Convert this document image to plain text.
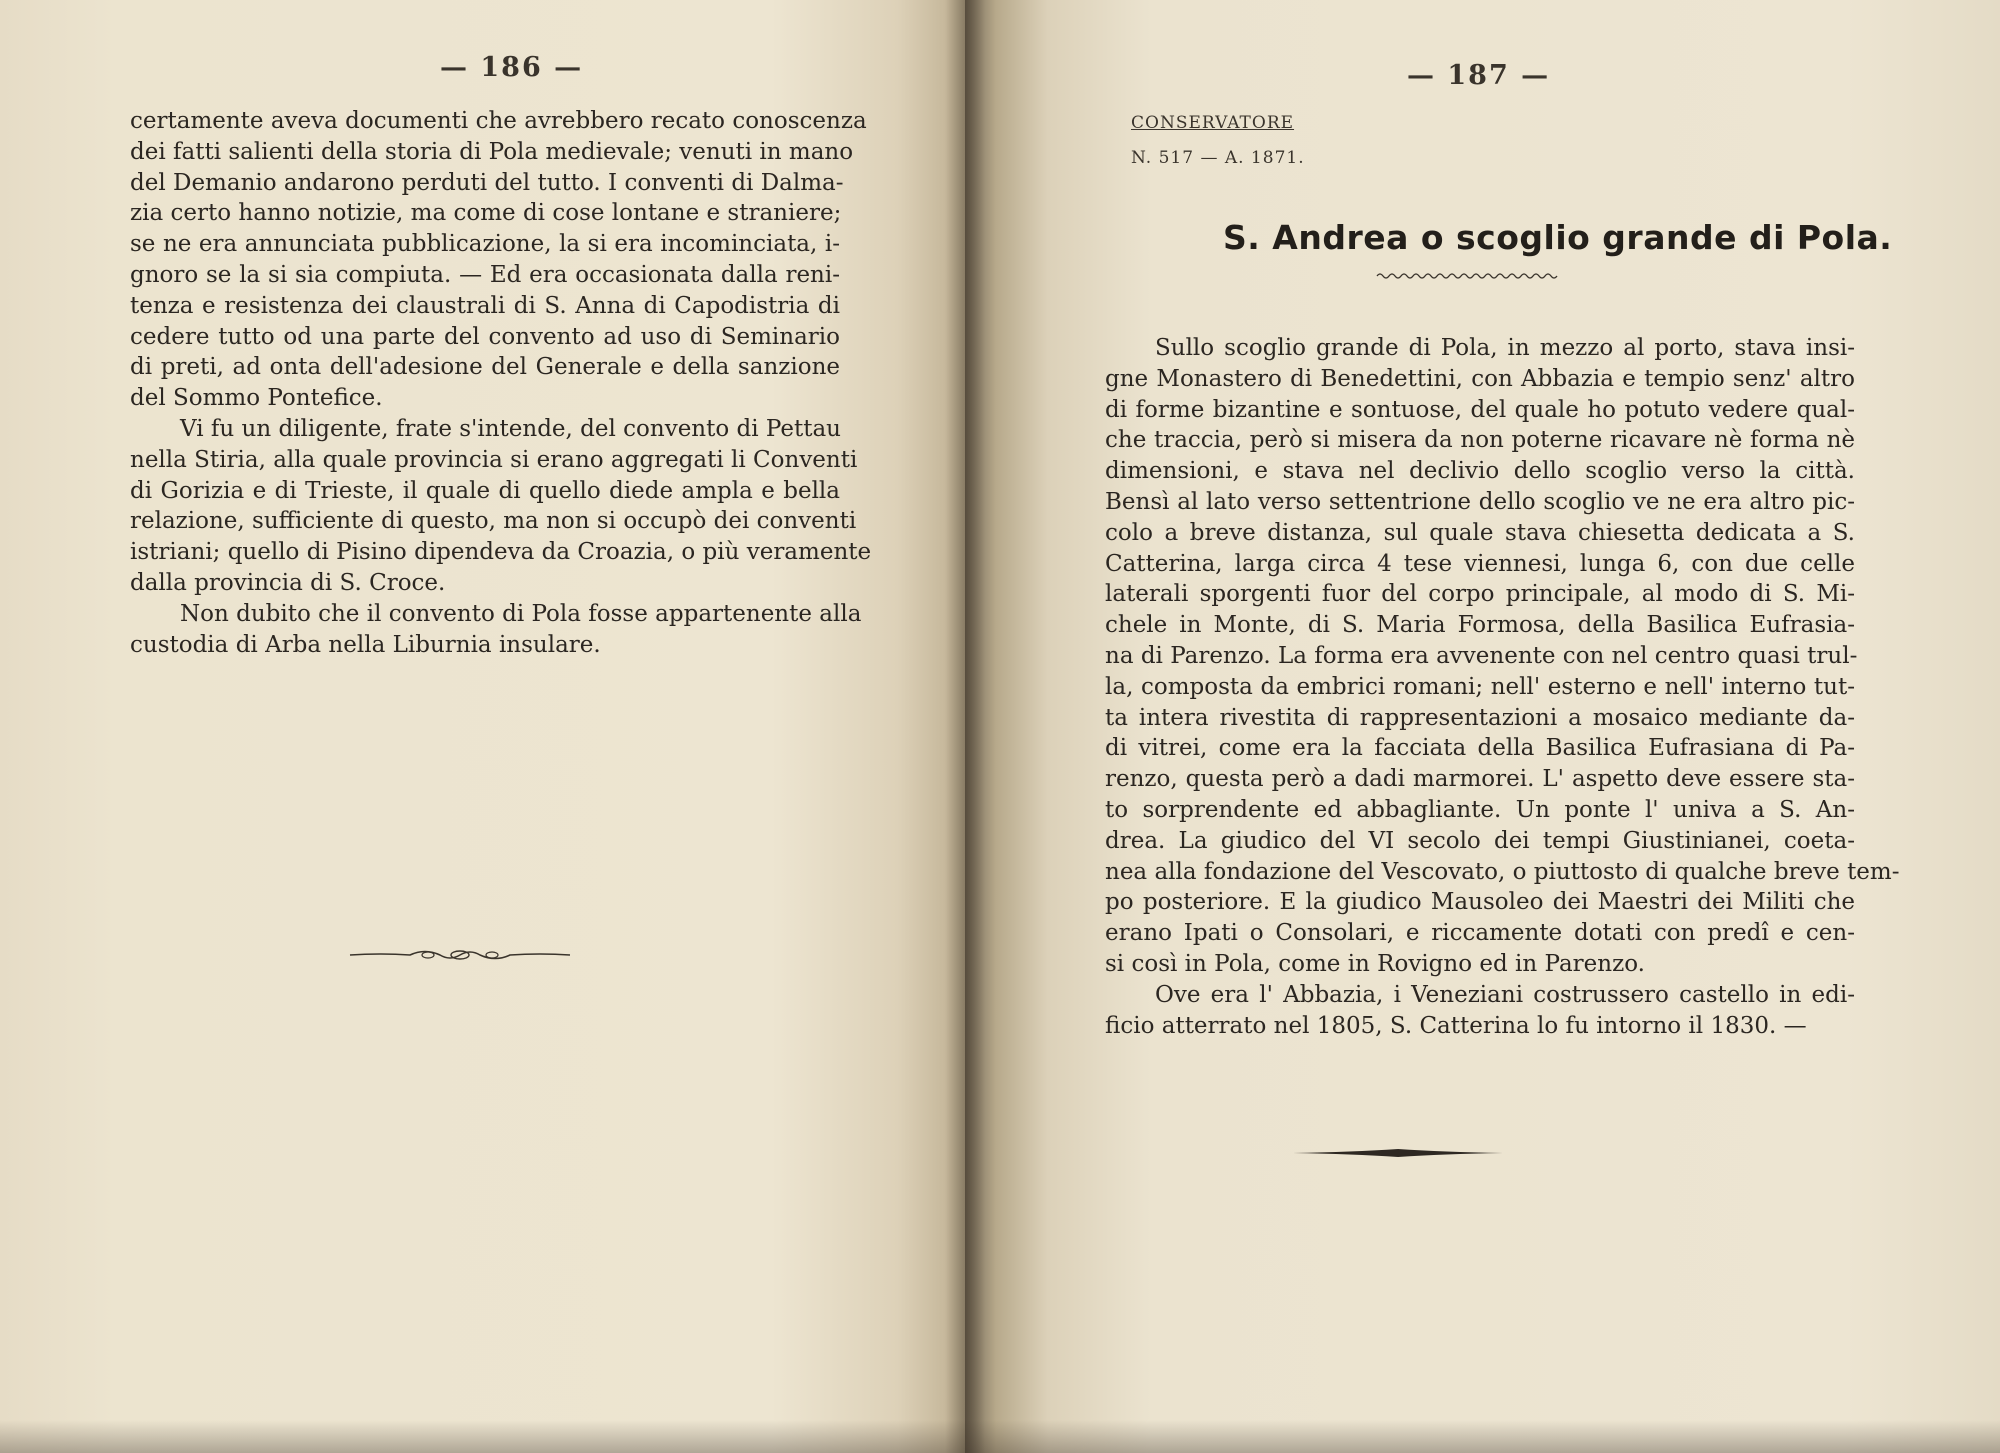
— 186 —
certamente aveva documenti che avrebbero recato conoscenza
dei fatti salienti della storia di Pola medievale; venuti in mano
del Demanio andarono perduti del tutto. I conventi di Dalma-
zia certo hanno notizie, ma come di cose lontane e straniere;
se ne era annunciata pubblicazione, la si era incominciata, i-
gnoro se la si sia compiuta. — Ed era occasionata dalla reni-
tenza e resistenza dei claustrali di S. Anna di Capodistria di
cedere tutto od una parte del convento ad uso di Seminario
di preti, ad onta dell'adesione del Generale e della sanzione
del Sommo Pontefice.
Vi fu un diligente, frate s'intende, del convento di Pettau
nella Stiria, alla quale provincia si erano aggregati li Conventi
di Gorizia e di Trieste, il quale di quello diede ampla e bella
relazione, sufficiente di questo, ma non si occupò dei conventi
istriani; quello di Pisino dipendeva da Croazia, o più veramente
dalla provincia di S. Croce.
Non dubito che il convento di Pola fosse appartenente alla
custodia di Arba nella Liburnia insulare.
— 187 —
CONSERVATORE
N. 517 — A. 1871.
S. Andrea o scoglio grande di Pola.
Sullo scoglio grande di Pola, in mezzo al porto, stava insi-
gne Monastero di Benedettini, con Abbazia e tempio senz' altro
di forme bizantine e sontuose, del quale ho potuto vedere qual-
che traccia, però si misera da non poterne ricavare nè forma nè
dimensioni, e stava nel declivio dello scoglio verso la città.
Bensì al lato verso settentrione dello scoglio ve ne era altro pic-
colo a breve distanza, sul quale stava chiesetta dedicata a S.
Catterina, larga circa 4 tese viennesi, lunga 6, con due celle
laterali sporgenti fuor del corpo principale, al modo di S. Mi-
chele in Monte, di S. Maria Formosa, della Basilica Eufrasia-
na di Parenzo. La forma era avvenente con nel centro quasi trul-
la, composta da embrici romani; nell' esterno e nell' interno tut-
ta intera rivestita di rappresentazioni a mosaico mediante da-
di vitrei, come era la facciata della Basilica Eufrasiana di Pa-
renzo, questa però a dadi marmorei. L' aspetto deve essere sta-
to sorprendente ed abbagliante. Un ponte l' univa a S. An-
drea. La giudico del VI secolo dei tempi Giustinianei, coeta-
nea alla fondazione del Vescovato, o piuttosto di qualche breve tem-
po posteriore. E la giudico Mausoleo dei Maestri dei Militi che
erano Ipati o Consolari, e riccamente dotati con predî e cen-
si così in Pola, come in Rovigno ed in Parenzo.
Ove era l' Abbazia, i Veneziani costrussero castello in edi-
ficio atterrato nel 1805, S. Catterina lo fu intorno il 1830. —
